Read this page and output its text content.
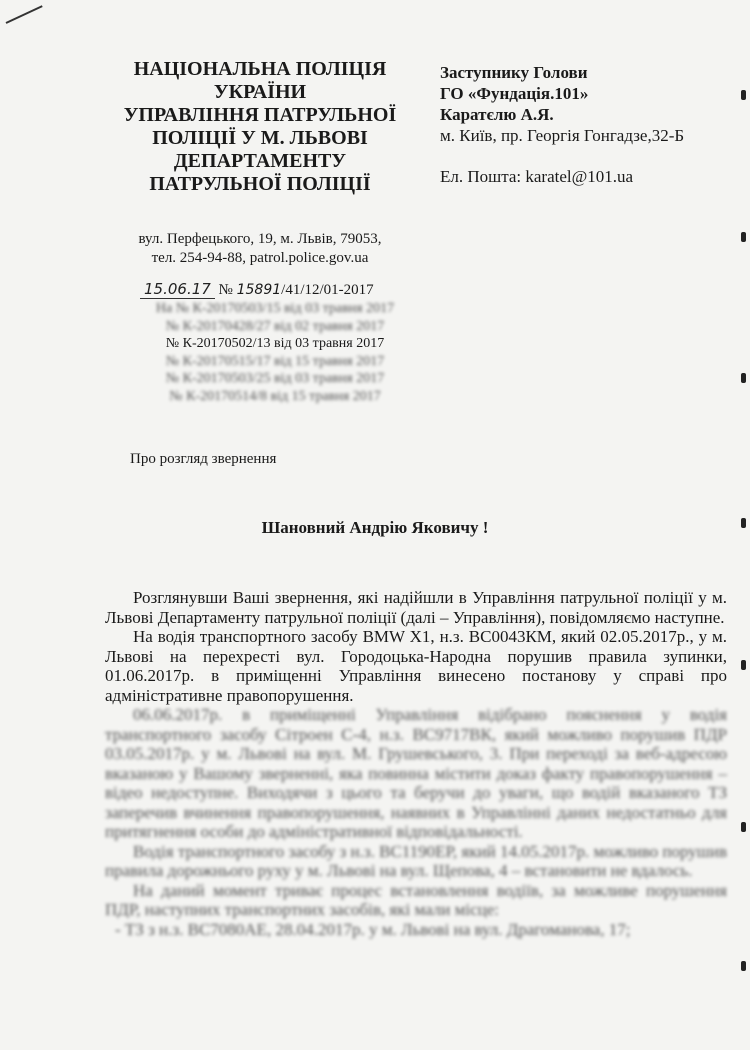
НАЦІОНАЛЬНА ПОЛІЦІЯ
УКРАЇНИ
УПРАВЛІННЯ ПАТРУЛЬНОЇ
ПОЛІЦІЇ У М. ЛЬВОВІ
ДЕПАРТАМЕНТУ
ПАТРУЛЬНОЇ ПОЛІЦІЇ
вул. Перфецького, 19, м. Львів, 79053,
тел. 254-94-88, patrol.police.gov.ua
15.06.17 № 15891/41/12/01-2017
На № К-20170503/15 від 03 травня 2017
№ К-20170428/27 від 02 травня 2017
№ К-20170502/13 від 03 травня 2017
№ К-20170515/17 від 15 травня 2017
№ К-20170503/25 від 03 травня 2017
№ К-20170514/8 від 15 травня 2017
Заступнику Голови
ГО «Фундація.101»
Каратєлю А.Я.
м. Київ, пр. Георгія Гонгадзе,32-Б
Ел. Пошта: karatel@101.ua
Про розгляд звернення
Шановний Андрію Яковичу !

Розглянувши Ваші звернення, які надійшли в Управління патрульної поліції у м. Львові Департаменту патрульної поліції (далі – Управління), повідомляємо наступне.

На водія транспортного засобу BMW X1, н.з. ВС0043КМ, який 02.05.2017р., у м. Львові на перехресті вул. Городоцька-Народна порушив правила зупинки, 01.06.2017р. в приміщенні Управління винесено постанову у справі про адміністративне правопорушення.

06.06.2017р. в приміщенні Управління відібрано пояснення у водія транспортного засобу Сітроен С-4, н.з. ВС9717ВК, який можливо порушив ПДР 03.05.2017р. у м. Львові на вул. М. Грушевського, 3. При переході за веб-адресою вказаною у Вашому зверненні, яка повинна містити доказ факту правопорушення – відео недоступне. Виходячи з цього та беручи до уваги, що водій вказаного ТЗ заперечив вчинення правопорушення, наявних в Управлінні даних недостатньо для притягнення особи до адміністративної відповідальності.

Водія транспортного засобу з н.з. ВС1190ЕР, який 14.05.2017р. можливо порушив правила дорожнього руху у м. Львові на вул. Щепова, 4 – встановити не вдалось.

На даний момент триває процес встановлення водіїв, за можливе порушення ПДР, наступних транспортних засобів, які мали місце:

- ТЗ з н.з. ВС7080АЕ, 28.04.2017р. у м. Львові на вул. Драгоманова, 17;
